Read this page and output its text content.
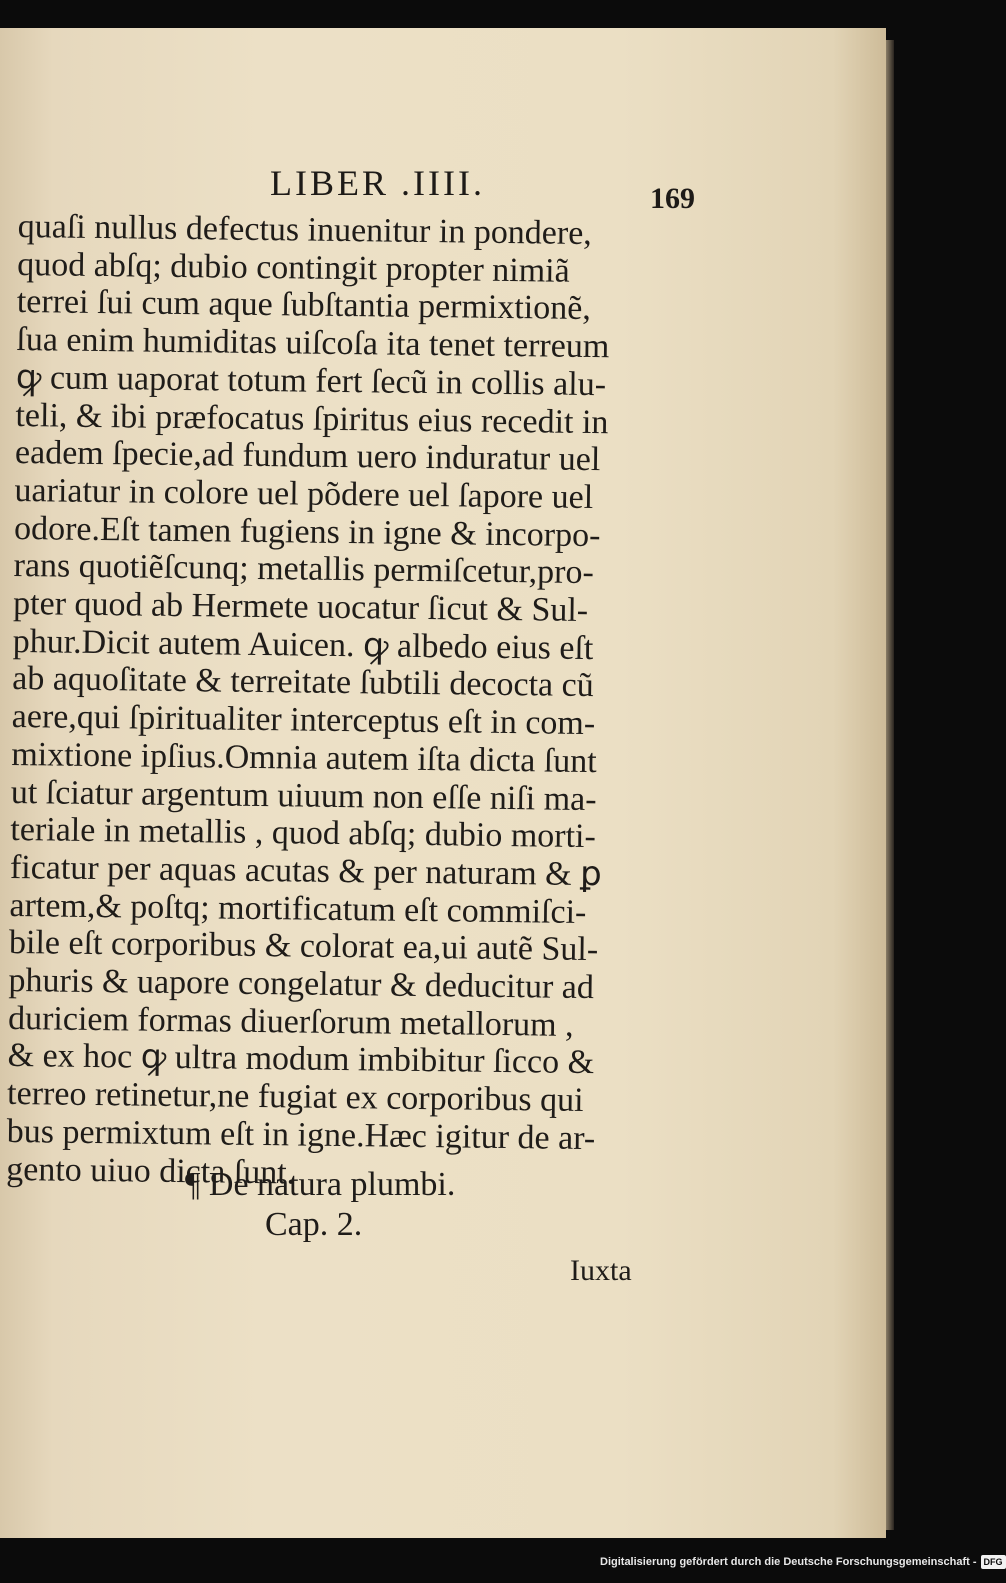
LIBER .IIII.	169

quaſi nullus defectus inuenitur in pondere,
quod abſq; dubio contingit propter nimiã
terrei ſui cum aque ſubſtantia permixtionẽ,
ſua enim humiditas uiſcoſa ita tenet terreum
ꝙ cum uaporat totum fert ſecũ in collis alu-
teli, & ibi præfocatus ſpiritus eius recedit in
eadem ſpecie,ad fundum uero induratur uel
uariatur in colore uel põdere uel ſapore uel
odore.Eſt tamen fugiens in igne & incorpo-
rans quotiẽſcunq; metallis permiſcetur,pro-
pter quod ab Hermete uocatur ſicut & Sul-
phur.Dicit autem Auicen. ꝙ albedo eius eſt
ab aquoſitate & terreitate ſubtili decocta cũ
aere,qui ſpiritualiter interceptus eſt in com-
mixtione ipſius.Omnia autem iſta dicta ſunt
ut ſciatur argentum uiuum non eſſe niſi ma-
teriale in metallis , quod abſq; dubio morti-
ficatur per aquas acutas & per naturam & ꝑ
artem,& poſtq; mortificatum eſt commiſci-
bile eſt corporibus & colorat ea,ui autẽ Sul-
phuris & uapore congelatur & deducitur ad
duriciem formas diuerſorum metallorum ,
& ex hoc ꝙ ultra modum imbibitur ſicco &
terreo retinetur,ne fugiat ex corporibus qui
bus permixtum eſt in igne.Hæc igitur de ar-
gento uiuo dicta ſunt.
¶ De natura plumbi.
Cap. 2.

Iuxta

Digitalisierung gefördert durch die Deutsche Forschungsgemeinschaft - DFG
